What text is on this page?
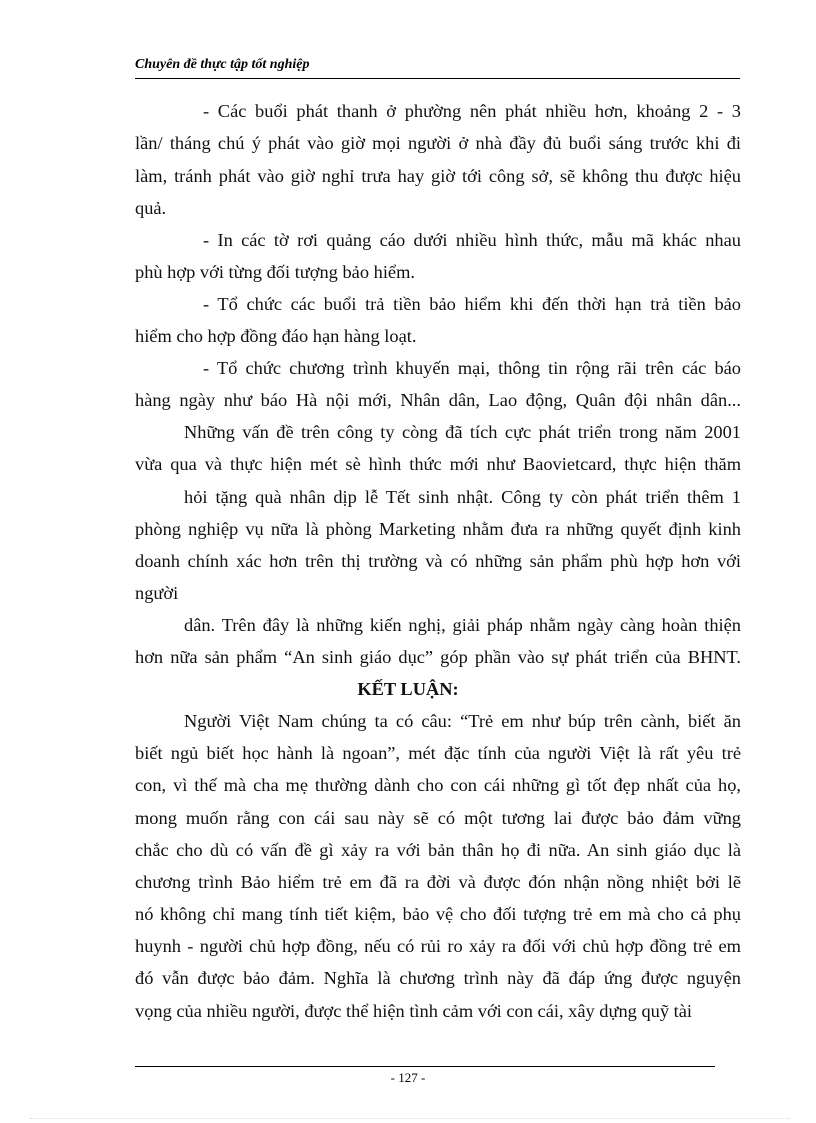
Chuyên đề thực tập tốt nghiệp
- Các buổi phát thanh ở phường nên phát nhiều hơn, khoảng 2 - 3
lần/ tháng chú ý phát vào giờ mọi người ở nhà đầy đủ buổi sáng trước khi đi
làm, tránh phát vào giờ nghỉ trưa hay giờ tới công sở, sẽ không thu được hiệu
quả.
- In các tờ rơi quảng cáo dưới nhiều hình thức, mẫu mã khác nhau
phù hợp với từng đối tượng bảo hiểm.
- Tổ chức các buổi trả tiền bảo hiểm khi đến thời hạn trả tiền bảo
hiểm cho hợp đồng đáo hạn hàng loạt.
- Tổ chức chương trình khuyến mại, thông tin rộng rãi trên các báo
hàng ngày như báo Hà nội mới, Nhân dân, Lao động, Quân đội nhân dân...
Những vấn đề trên công ty còng đã tích cực phát triển trong năm 2001
vừa qua và thực hiện mét sè hình thức mới như Baovietcard, thực hiện thăm
hỏi tặng quà nhân dịp lễ Tết sinh nhật. Công ty còn phát triển thêm 1
phòng nghiệp vụ nữa là phòng Marketing nhằm đưa ra những quyết định kinh
doanh chính xác hơn trên thị trường và có những sản phẩm phù hợp hơn với
người
dân. Trên đây là những kiến nghị, giải pháp nhằm ngày càng hoàn thiện
hơn nữa sản phẩm “An sinh giáo dục” góp phần vào sự phát triển của BHNT.
KẾT LUẬN:
Người Việt Nam chúng ta có câu: “Trẻ em như búp trên cành, biết ăn
biết ngủ biết học hành là ngoan”, mét đặc tính của người Việt là rất yêu trẻ
con, vì thế mà cha mẹ thường dành cho con cái những gì tốt đẹp nhất của họ,
mong muốn rằng con cái sau này sẽ có một tương lai được bảo đảm vững
chắc cho dù có vấn đề gì xảy ra với bản thân họ đi nữa. An sinh giáo dục là
chương trình Bảo hiểm trẻ em đã ra đời và được đón nhận nồng nhiệt bởi lẽ
nó không chỉ mang tính tiết kiệm, bảo vệ cho đối tượng trẻ em mà cho cả phụ
huynh - người chủ hợp đồng, nếu có rủi ro xảy ra đối với chủ hợp đồng trẻ em
đó vẫn được bảo đảm. Nghĩa là chương trình này đã đáp ứng được nguyện
vọng của nhiều người, được thể hiện tình cảm với con cái, xây dựng quỹ tài
- 127 -
